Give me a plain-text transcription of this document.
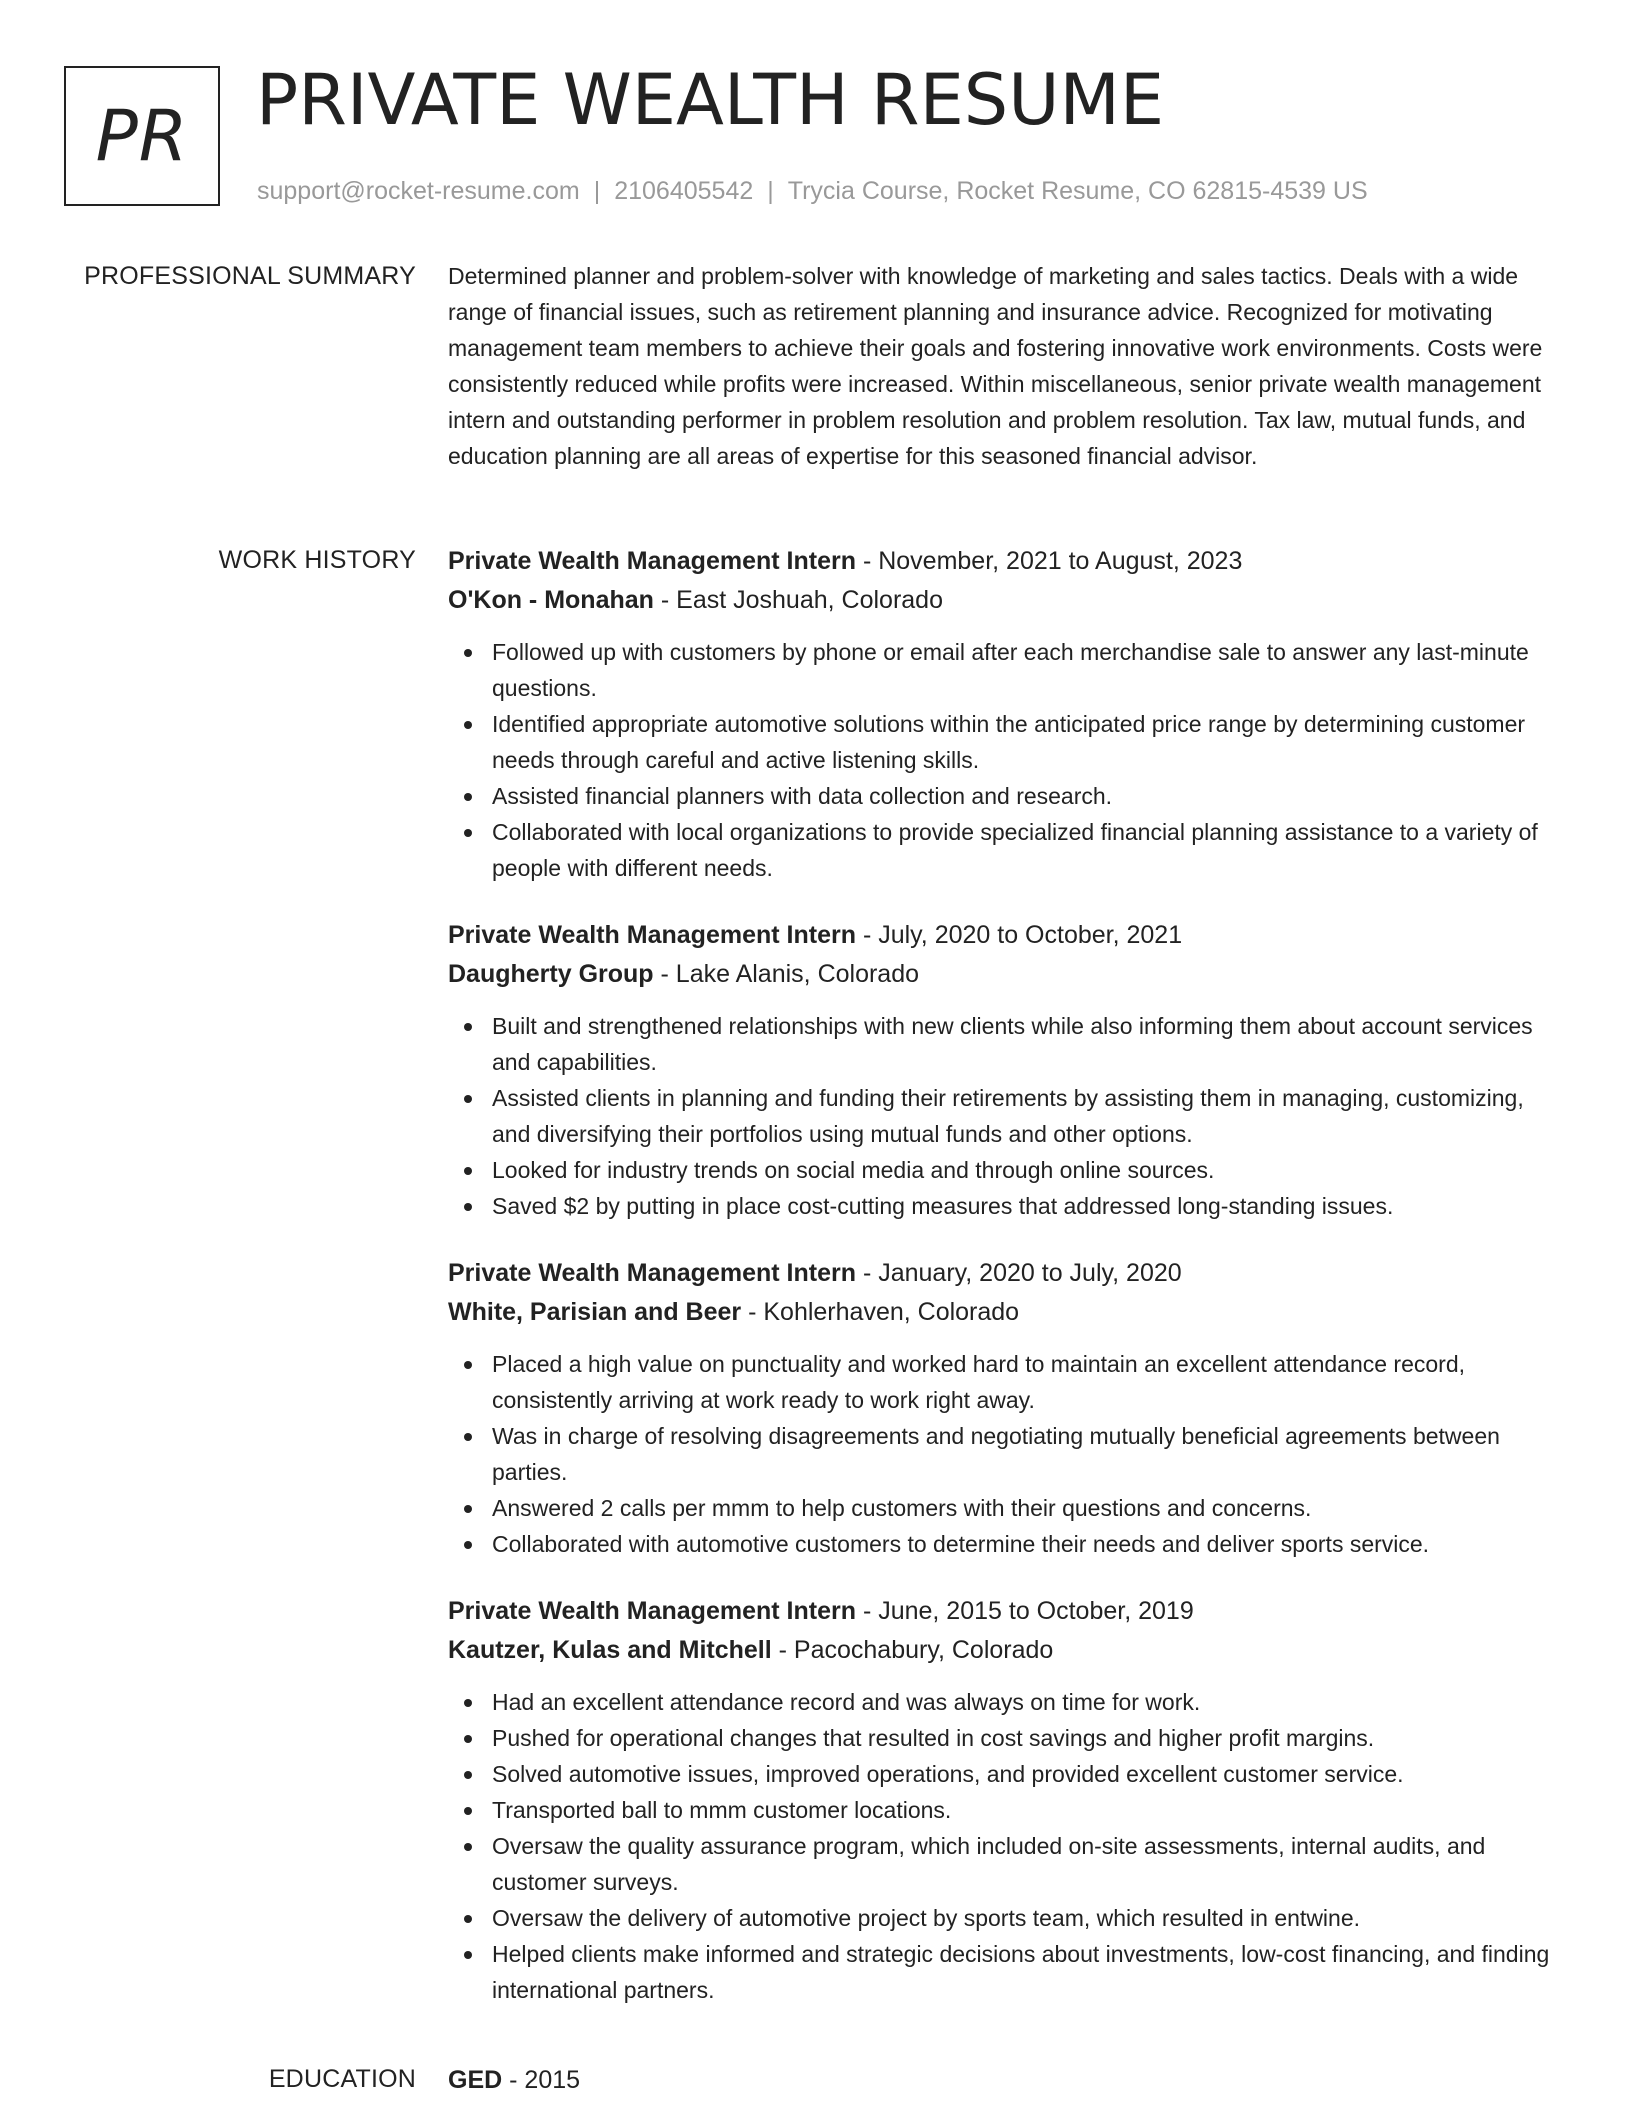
PR PRIVATE WEALTH RESUME
support@rocket-resume.com | 2106405542 | Trycia Course, Rocket Resume, CO 62815-4539 US
PROFESSIONAL SUMMARY Determined planner and problem-solver with knowledge of marketing and sales tactics. Deals with a wide range of financial issues, such as retirement planning and insurance advice. Recognized for motivating management team members to achieve their goals and fostering innovative work environments. Costs were consistently reduced while profits were increased. Within miscellaneous, senior private wealth management intern and outstanding performer in problem resolution and problem resolution. Tax law, mutual funds, and education planning are all areas of expertise for this seasoned financial advisor.

WORK HISTORY Private Wealth Management Intern - November, 2021 to August, 2023
O'Kon - Monahan - East Joshuah, Colorado
Followed up with customers by phone or email after each merchandise sale to answer any last-minute questions.
Identified appropriate automotive solutions within the anticipated price range by determining customer needs through careful and active listening skills.
Assisted financial planners with data collection and research.
Collaborated with local organizations to provide specialized financial planning assistance to a variety of people with different needs.
Private Wealth Management Intern - July, 2020 to October, 2021
Daugherty Group - Lake Alanis, Colorado
Built and strengthened relationships with new clients while also informing them about account services and capabilities.
Assisted clients in planning and funding their retirements by assisting them in managing, customizing, and diversifying their portfolios using mutual funds and other options.
Looked for industry trends on social media and through online sources.
Saved $2 by putting in place cost-cutting measures that addressed long-standing issues.
Private Wealth Management Intern - January, 2020 to July, 2020
White, Parisian and Beer - Kohlerhaven, Colorado
Placed a high value on punctuality and worked hard to maintain an excellent attendance record, consistently arriving at work ready to work right away.
Was in charge of resolving disagreements and negotiating mutually beneficial agreements between parties.
Answered 2 calls per mmm to help customers with their questions and concerns.
Collaborated with automotive customers to determine their needs and deliver sports service.
Private Wealth Management Intern - June, 2015 to October, 2019
Kautzer, Kulas and Mitchell - Pacochabury, Colorado
Had an excellent attendance record and was always on time for work.
Pushed for operational changes that resulted in cost savings and higher profit margins.
Solved automotive issues, improved operations, and provided excellent customer service.
Transported ball to mmm customer locations.
Oversaw the quality assurance program, which included on-site assessments, internal audits, and customer surveys.
Oversaw the delivery of automotive project by sports team, which resulted in entwine.
Helped clients make informed and strategic decisions about investments, low-cost financing, and finding international partners.
EDUCATION GED - 2015
